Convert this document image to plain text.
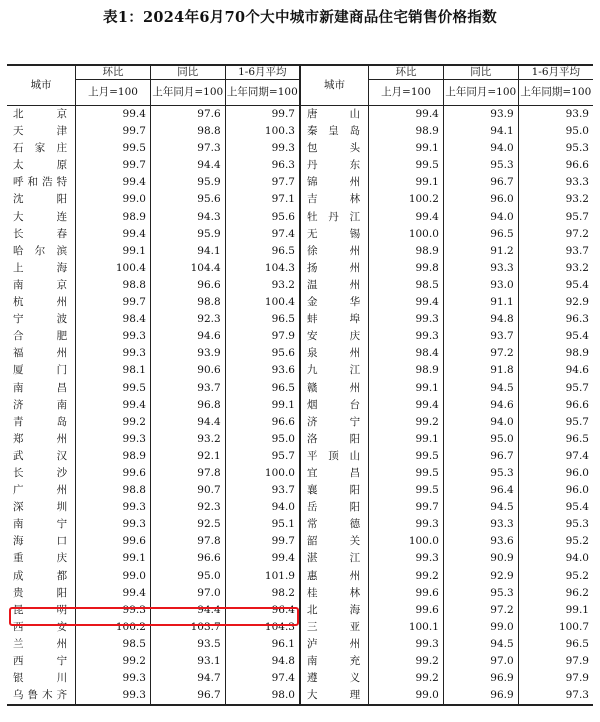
表1：2024年6月70个大中城市新建商品住宅销售价格指数
城市	环比	同比	1-6月平均	城市	环比	同比	1-6月平均
	上月=100	上年同月=100	上年同期=100		上月=100	上年同月=100	上年同期=100
北　　京	99.4	97.6	99.7	唐　　山	99.4	93.9	93.9
天　　津	99.7	98.8	100.3	秦 皇 岛	98.9	94.1	95.0
石 家 庄	99.5	97.3	99.3	包　　头	99.1	94.0	95.3
太　　原	99.7	94.4	96.3	丹　　东	99.5	95.3	96.6
呼和浩特	99.4	95.9	97.7	锦　　州	99.1	96.7	93.3
沈　　阳	99.0	95.6	97.1	吉　　林	100.2	96.0	93.2
大　　连	98.9	94.3	95.6	牡 丹 江	99.4	94.0	95.7
长　　春	99.4	95.9	97.4	无　　锡	100.0	96.5	97.2
哈 尔 滨	99.1	94.1	96.5	徐　　州	98.9	91.2	93.7
上　　海	100.4	104.4	104.3	扬　　州	99.8	93.3	93.2
南　　京	98.8	96.6	93.2	温　　州	98.5	93.0	95.4
杭　　州	99.7	98.8	100.4	金　　华	99.4	91.1	92.9
宁　　波	98.4	92.3	96.5	蚌　　埠	99.3	94.8	96.3
合　　肥	99.3	94.6	97.9	安　　庆	99.3	93.7	95.4
福　　州	99.3	93.9	95.6	泉　　州	98.4	97.2	98.9
厦　　门	98.1	90.6	93.6	九　　江	98.9	91.8	94.6
南　　昌	99.5	93.7	96.5	赣　　州	99.1	94.5	95.7
济　　南	99.4	96.8	99.1	烟　　台	99.4	94.6	96.6
青　　岛	99.2	94.4	96.6	济　　宁	99.2	94.0	95.7
郑　　州	99.3	93.2	95.0	洛　　阳	99.1	95.0	96.5
武　　汉	98.9	92.1	95.7	平 顶 山	99.5	96.7	97.4
长　　沙	99.6	97.8	100.0	宜　　昌	99.5	95.3	96.0
广　　州	98.8	90.7	93.7	襄　　阳	99.5	96.4	96.0
深　　圳	99.3	92.3	94.0	岳　　阳	99.7	94.5	95.4
南　　宁	99.3	92.5	95.1	常　　德	99.3	93.3	95.3
海　　口	99.6	97.8	99.7	韶　　关	100.0	93.6	95.2
重　　庆	99.1	96.6	99.4	湛　　江	99.3	90.9	94.0
成　　都	99.0	95.0	101.9	惠　　州	99.2	92.9	95.2
贵　　阳	99.4	97.0	98.2	桂　　林	99.6	95.3	96.2
昆　　明	99.3	94.4	96.4	北　　海	99.6	97.2	99.1
西　　安	100.2	103.7	104.3	三　　亚	100.1	99.0	100.7
兰　　州	98.5	93.5	96.1	泸　　州	99.3	94.5	96.5
西　　宁	99.2	93.1	94.8	南　　充	99.2	97.0	97.9
银　　川	99.3	94.7	97.4	遵　　义	99.2	96.9	97.9
乌鲁木齐	99.3	96.7	98.0	大　　理	99.0	96.9	97.3
